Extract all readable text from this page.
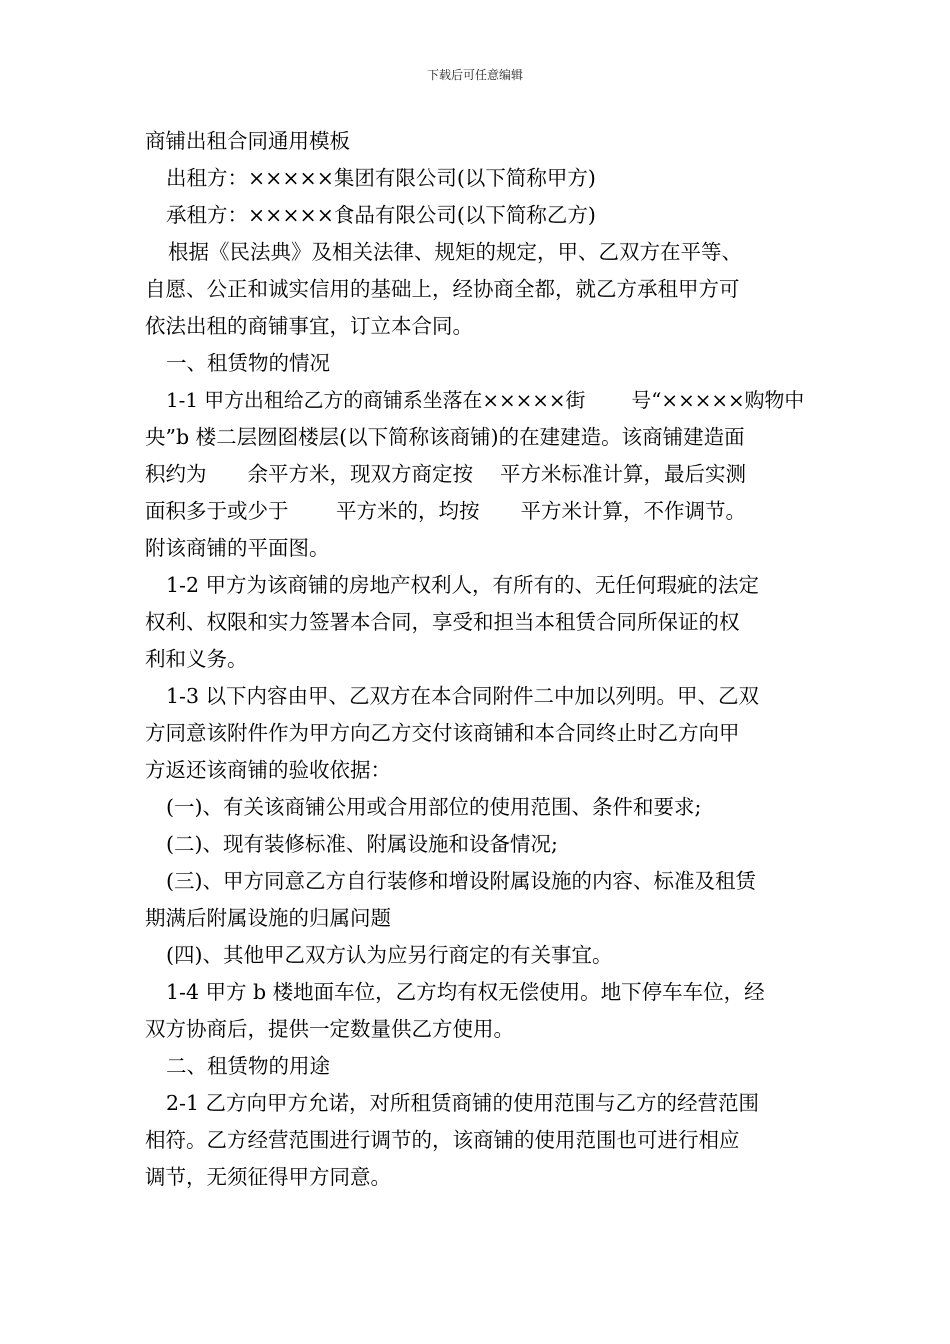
下载后可任意编辑
商铺出租合同通用模板
出租方：×××××集团有限公司(以下简称甲方)
承租方：×××××食品有限公司(以下简称乙方)
根据《民法典》及相关法律、规矩的规定，甲、乙双方在平等、
自愿、公正和诚实信用的基础上，经协商全都，就乙方承租甲方可
依法出租的商铺事宜，订立本合同。
一、租赁物的情况
1-1 甲方出租给乙方的商铺系坐落在×××××街　　 号“×××××购物中
央”b 楼二层囫囵楼层(以下简称该商铺)的在建建造。该商铺建造面
积约为　　余平方米，现双方商定按　 平方米标准计算，最后实测
面积多于或少于　　 平方米的，均按　　平方米计算，不作调节。
附该商铺的平面图。
1-2 甲方为该商铺的房地产权利人，有所有的、无任何瑕疵的法定
权利、权限和实力签署本合同，享受和担当本租赁合同所保证的权
利和义务。
1-3 以下内容由甲、乙双方在本合同附件二中加以列明。甲、乙双
方同意该附件作为甲方向乙方交付该商铺和本合同终止时乙方向甲
方返还该商铺的验收依据：
(一)、有关该商铺公用或合用部位的使用范围、条件和要求;
(二)、现有装修标准、附属设施和设备情况;
(三)、甲方同意乙方自行装修和增设附属设施的内容、标准及租赁
期满后附属设施的归属问题
(四)、其他甲乙双方认为应另行商定的有关事宜。
1-4 甲方 b 楼地面车位，乙方均有权无偿使用。地下停车车位，经
双方协商后，提供一定数量供乙方使用。
二、租赁物的用途
2-1 乙方向甲方允诺，对所租赁商铺的使用范围与乙方的经营范围
相符。乙方经营范围进行调节的，该商铺的使用范围也可进行相应
调节，无须征得甲方同意。
